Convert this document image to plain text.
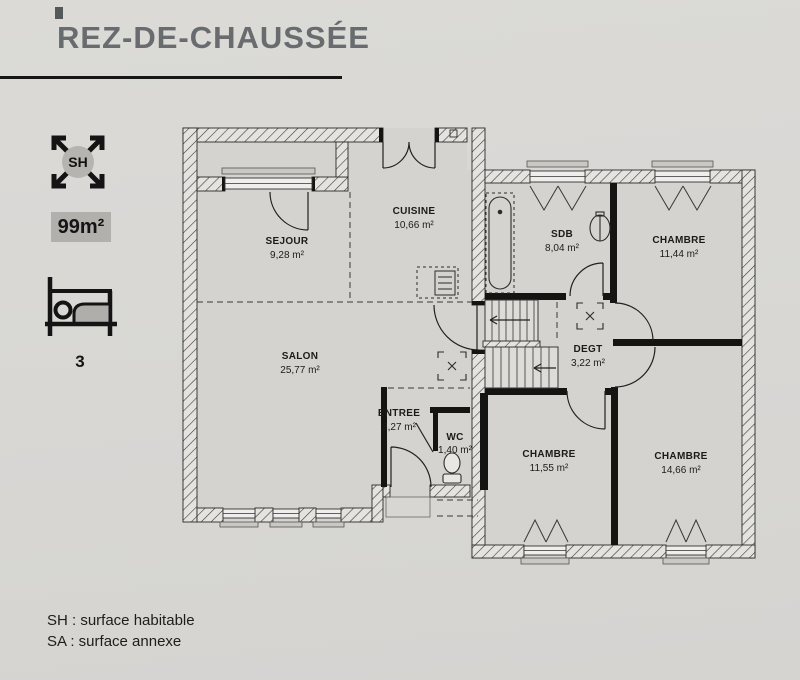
REZ-DE-CHAUSSÉE
SH
99m²
3
SEJOUR
9,28 m²
CUISINE
10,66 m²
SDB
8,04 m²
CHAMBRE
11,44 m²
SALON
25,77 m²
DEGT
3,22 m²
ENTREE
3,27 m²
WC
1,40 m²	CHAMBRE
11,55 m²
CHAMBRE
14,66 m²
SH : surface habitable
SA : surface annexe
